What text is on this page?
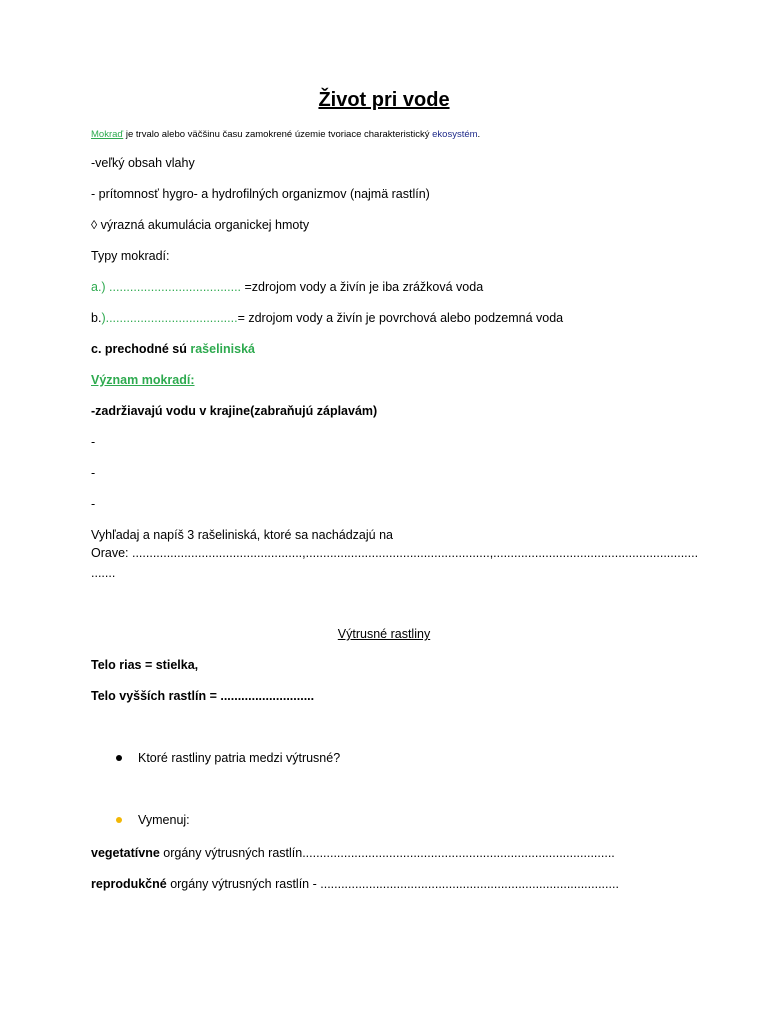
Život pri vode
Mokraď je trvalo alebo väčšinu času zamokrené územie tvoriace charakteristický ekosystém.
-veľký obsah vlahy
- prítomnosť hygro- a hydrofilných organizmov (najmä rastlín)
◊ výrazná akumulácia organickej hmoty
Typy mokradí:
a.) ...................................... =zdrojom vody a živín je iba zrážková voda
b.)......................................= zdrojom vody a živín je povrchová alebo podzemná voda
c. prechodné sú rašeliniská
Význam mokradí:
-zadržiavajú vodu v krajine(zabraňujú záplavám)
-
-
-
Vyhľadaj a napíš 3 rašeliniská, ktoré sa nachádzajú na
Orave: .................................................,.....................................................,...........................................................
.......
Výtrusné rastliny
Telo rias = stielka,
Telo vyšších rastlín = ...........................
Ktoré rastliny patria medzi výtrusné?
Vymenuj:
vegetatívne orgány výtrusných rastlín..........................................................................................
reprodukčné orgány výtrusných rastlín - ......................................................................................
